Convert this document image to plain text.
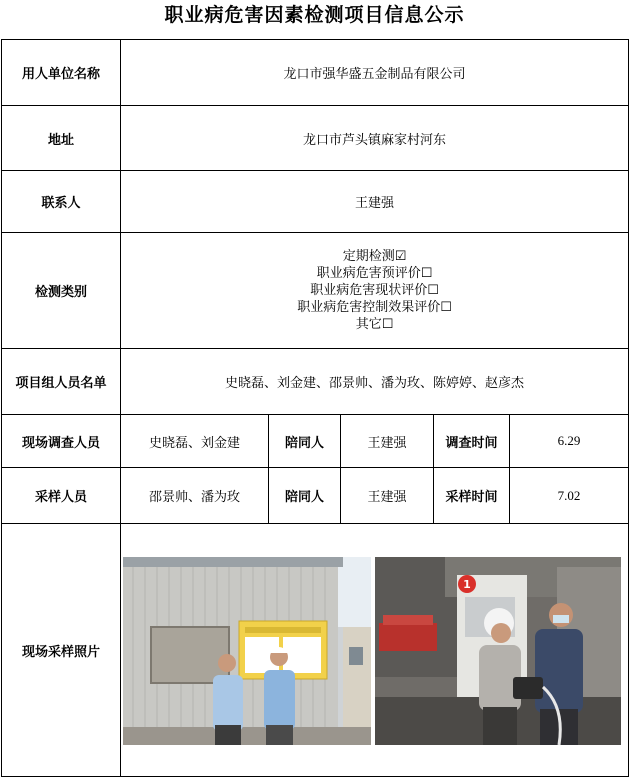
职业病危害因素检测项目信息公示
用人单位名称	龙口市强华盛五金制品有限公司				
地址	龙口市芦头镇麻家村河东				
联系人	王建强				
检测类别	定期检测☑
职业病危害预评价☐
职业病危害现状评价☐
职业病危害控制效果评价☐
其它☐				

项目组人员名单	史晓磊、刘金建、邵景帅、潘为玫、陈婷婷、赵彦杰				
现场调查人员	史晓磊、刘金建	陪同人	王建强	调查时间	6.29
采样人员	邵景帅、潘为玫	陪同人	王建强	采样时间	7.02
现场采样照片	1				
